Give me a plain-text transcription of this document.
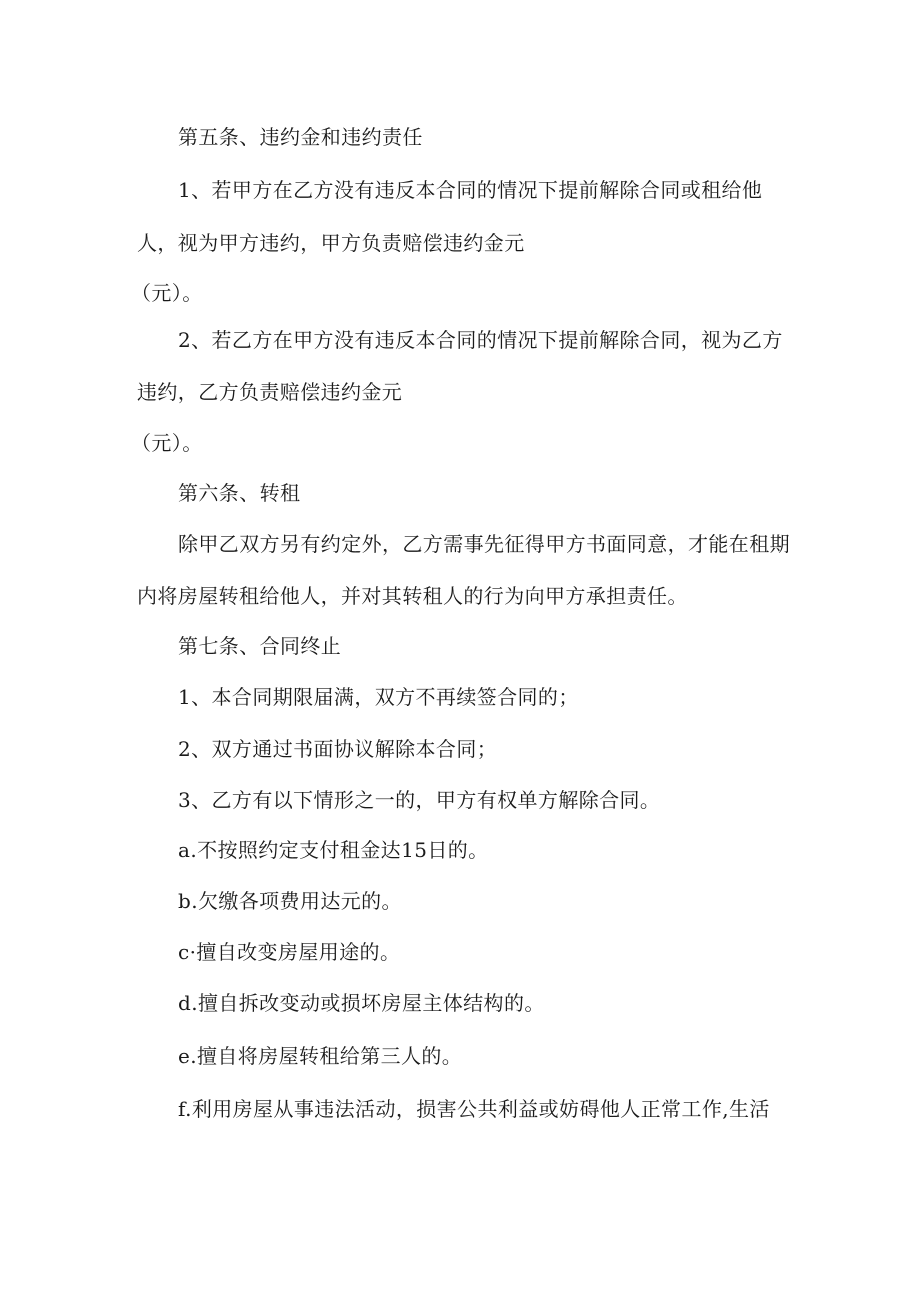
第五条、违约金和违约责任

1、若甲方在乙方没有违反本合同的情况下提前解除合同或租给他

人，视为甲方违约，甲方负责赔偿违约金元

（元）。

2、若乙方在甲方没有违反本合同的情况下提前解除合同，视为乙方

违约，乙方负责赔偿违约金元

（元）。

第六条、转租

除甲乙双方另有约定外，乙方需事先征得甲方书面同意，才能在租期

内将房屋转租给他人，并对其转租人的行为向甲方承担责任。

第七条、合同终止

1、本合同期限届满，双方不再续签合同的；

2、双方通过书面协议解除本合同；

3、乙方有以下情形之一的，甲方有权单方解除合同。

a.不按照约定支付租金达15日的。

b.欠缴各项费用达元的。

c·擅自改变房屋用途的。

d.擅自拆改变动或损坏房屋主体结构的。

e.擅自将房屋转租给第三人的。

f.利用房屋从事违法活动，损害公共利益或妨碍他人正常工作,生活
